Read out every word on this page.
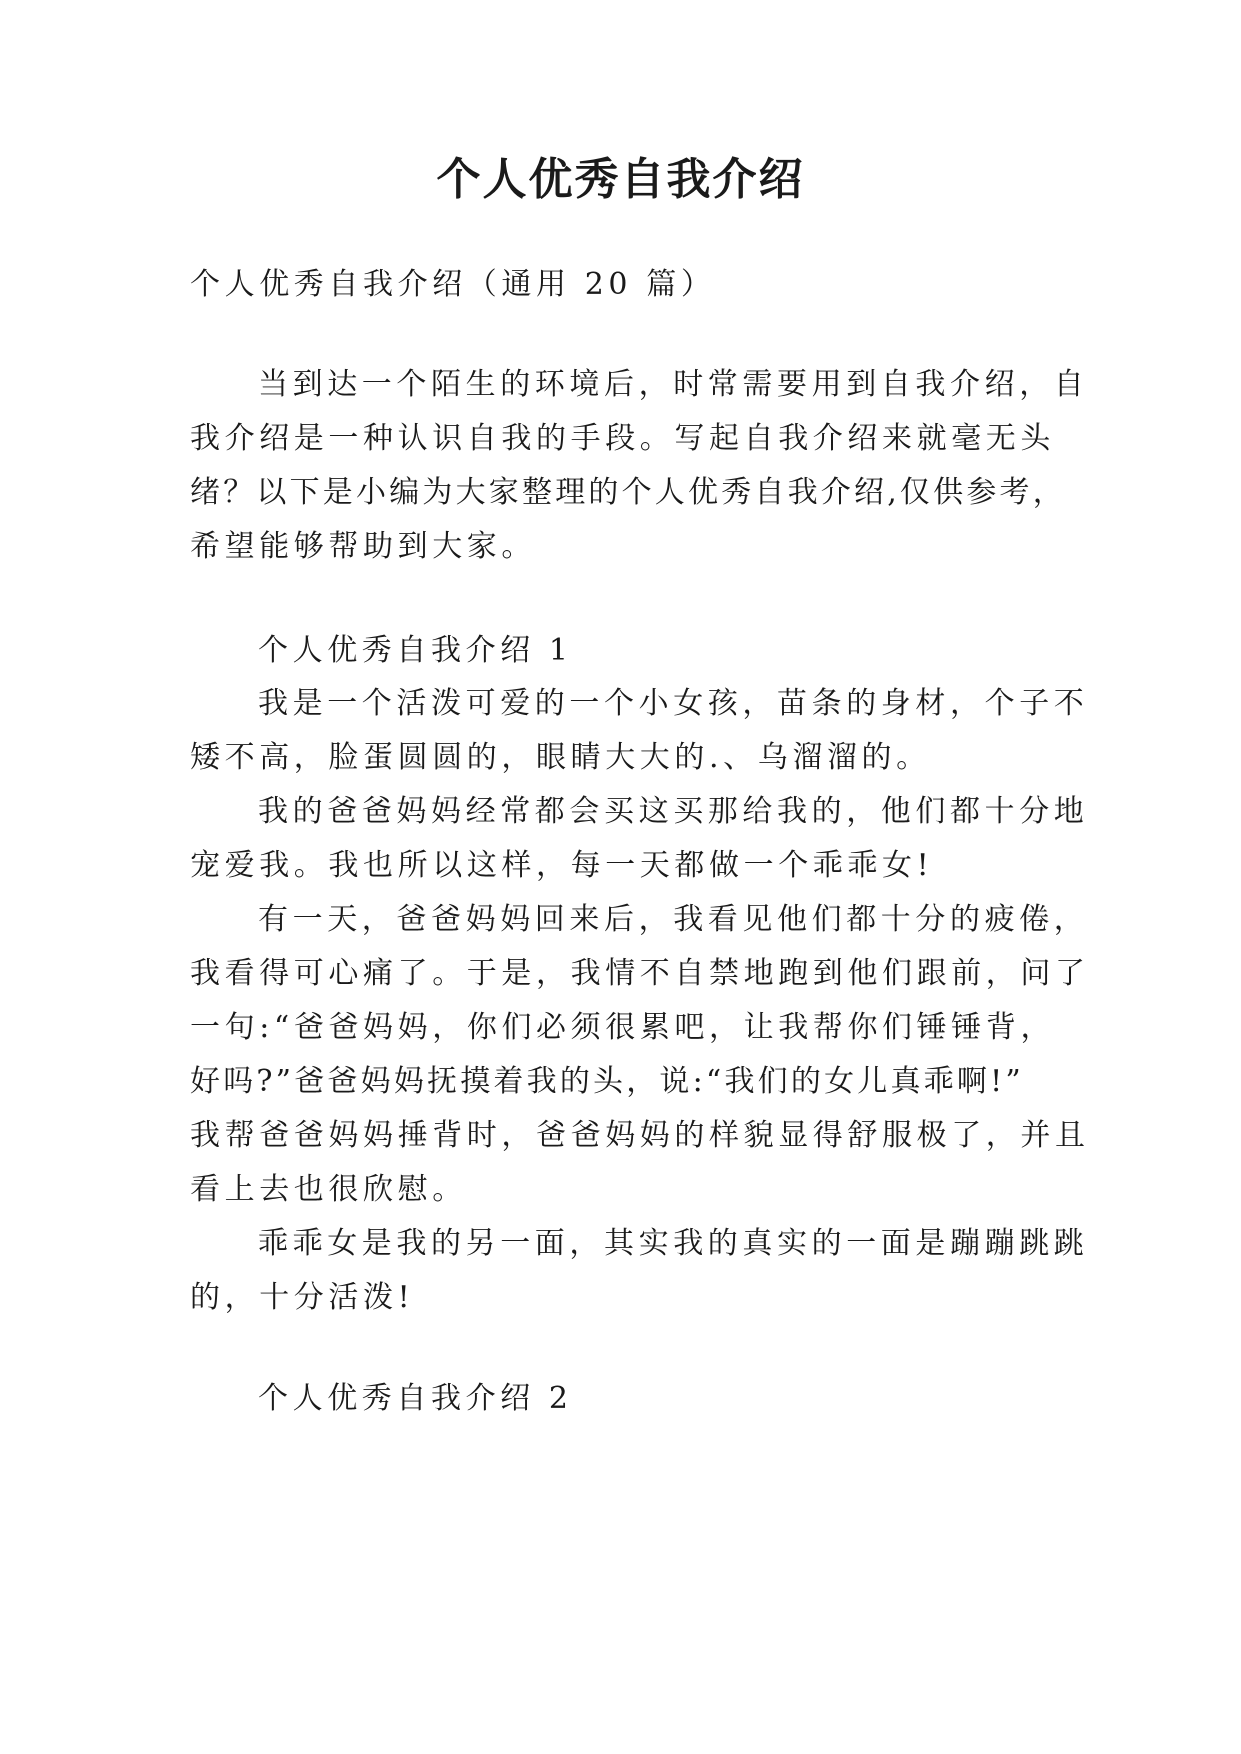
个人优秀自我介绍
个人优秀自我介绍（通用 20 篇）
当到达一个陌生的环境后，时常需要用到自我介绍，自
我介绍是一种认识自我的手段。写起自我介绍来就毫无头
绪？以下是小编为大家整理的个人优秀自我介绍,仅供参考，
希望能够帮助到大家。
个人优秀自我介绍 1
我是一个活泼可爱的一个小女孩，苗条的身材，个子不
矮不高，脸蛋圆圆的，眼睛大大的.、乌溜溜的。
我的爸爸妈妈经常都会买这买那给我的，他们都十分地
宠爱我。我也所以这样，每一天都做一个乖乖女!
有一天，爸爸妈妈回来后，我看见他们都十分的疲倦，
我看得可心痛了。于是，我情不自禁地跑到他们跟前，问了
一句:“爸爸妈妈，你们必须很累吧，让我帮你们锤锤背，
好吗?”爸爸妈妈抚摸着我的头，说:“我们的女儿真乖啊!”
我帮爸爸妈妈捶背时，爸爸妈妈的样貌显得舒服极了，并且
看上去也很欣慰。
乖乖女是我的另一面，其实我的真实的一面是蹦蹦跳跳
的，十分活泼!
个人优秀自我介绍 2
